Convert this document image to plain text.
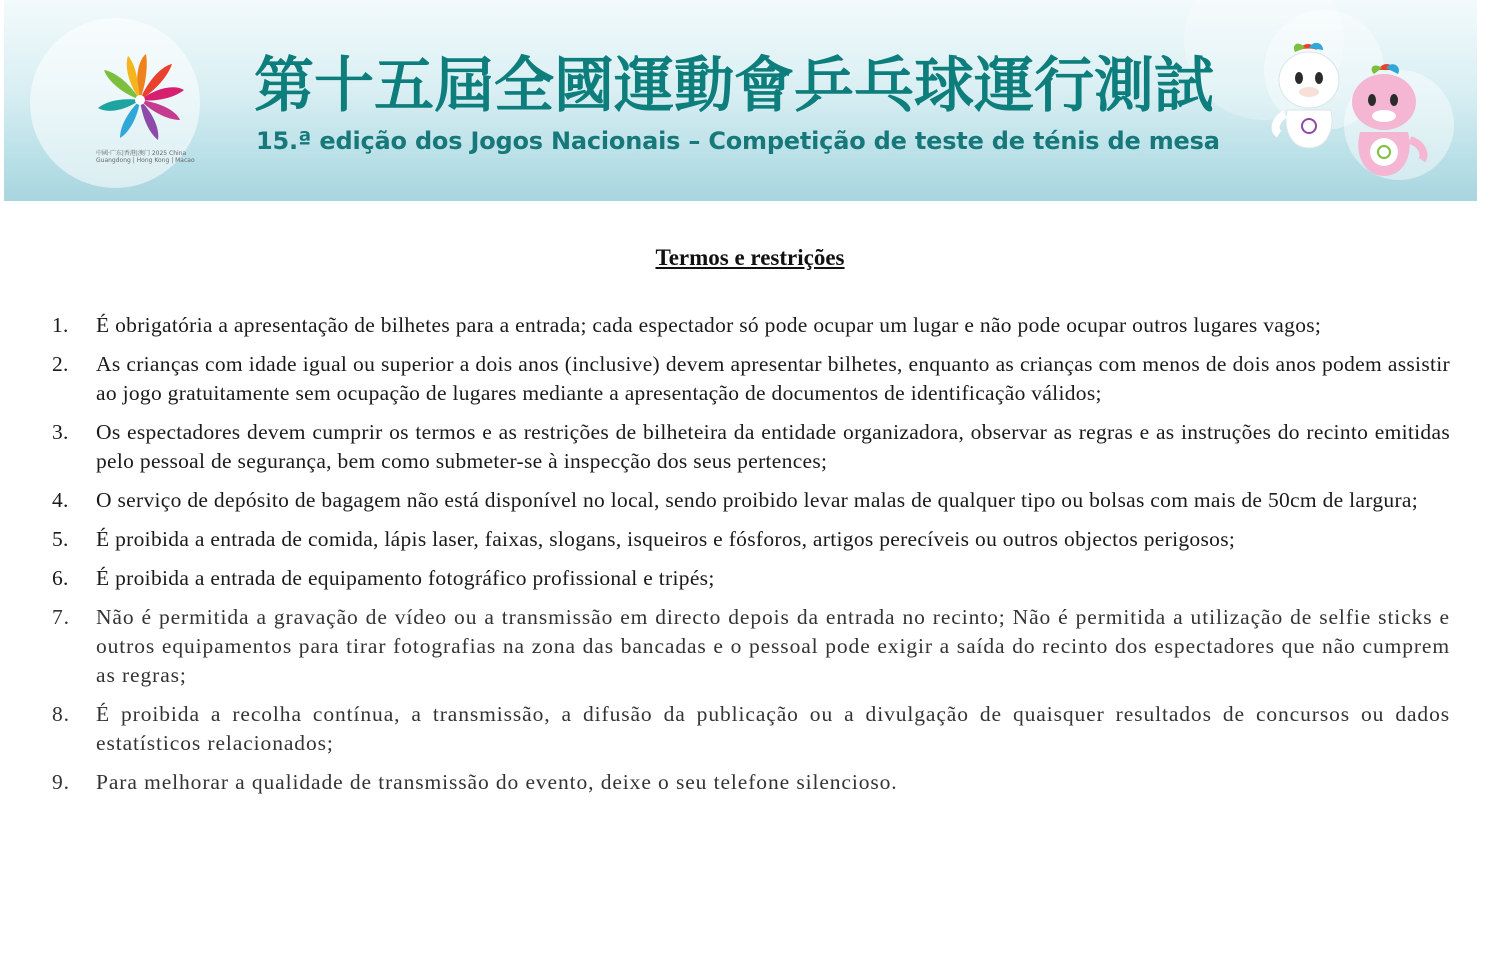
中國·广东|香港|澳门 2025 China Guangdong | Hong Kong | Macao
第十五屆全國運動會乒乓球運行測試
15.ª edição dos Jogos Nacionais – Competição de teste de ténis de mesa
Termos e restrições
1.	É obrigatória a apresentação de bilhetes para a entrada; cada espectador só pode ocupar um lugar e não pode ocupar outros lugares vagos;
2.	As crianças com idade igual ou superior a dois anos (inclusive) devem apresentar bilhetes, enquanto as crianças com menos de dois anos podem assistir ao jogo gratuitamente sem ocupação de lugares mediante a apresentação de documentos de identificação válidos;
3.	Os espectadores devem cumprir os termos e as restrições de bilheteira da entidade organizadora, observar as regras e as instruções do recinto emitidas pelo pessoal de segurança, bem como submeter-se à inspecção dos seus pertences;
4.	O serviço de depósito de bagagem não está disponível no local, sendo proibido levar malas de qualquer tipo ou bolsas com mais de 50cm de largura;
5.	É proibida a entrada de comida, lápis laser, faixas, slogans, isqueiros e fósforos, artigos perecíveis ou outros objectos perigosos;
6.	É proibida a entrada de equipamento fotográfico profissional e tripés;
7.	Não é permitida a gravação de vídeo ou a transmissão em directo depois da entrada no recinto; Não é permitida a utilização de selfie sticks e outros equipamentos para tirar fotografias na zona das bancadas e o pessoal pode exigir a saída do recinto dos espectadores que não cumprem as regras;
8.	É proibida a recolha contínua, a transmissão, a difusão da publicação ou a divulgação de quaisquer resultados de concursos ou dados estatísticos relacionados;
9.	Para melhorar a qualidade de transmissão do evento, deixe o seu telefone silencioso.
